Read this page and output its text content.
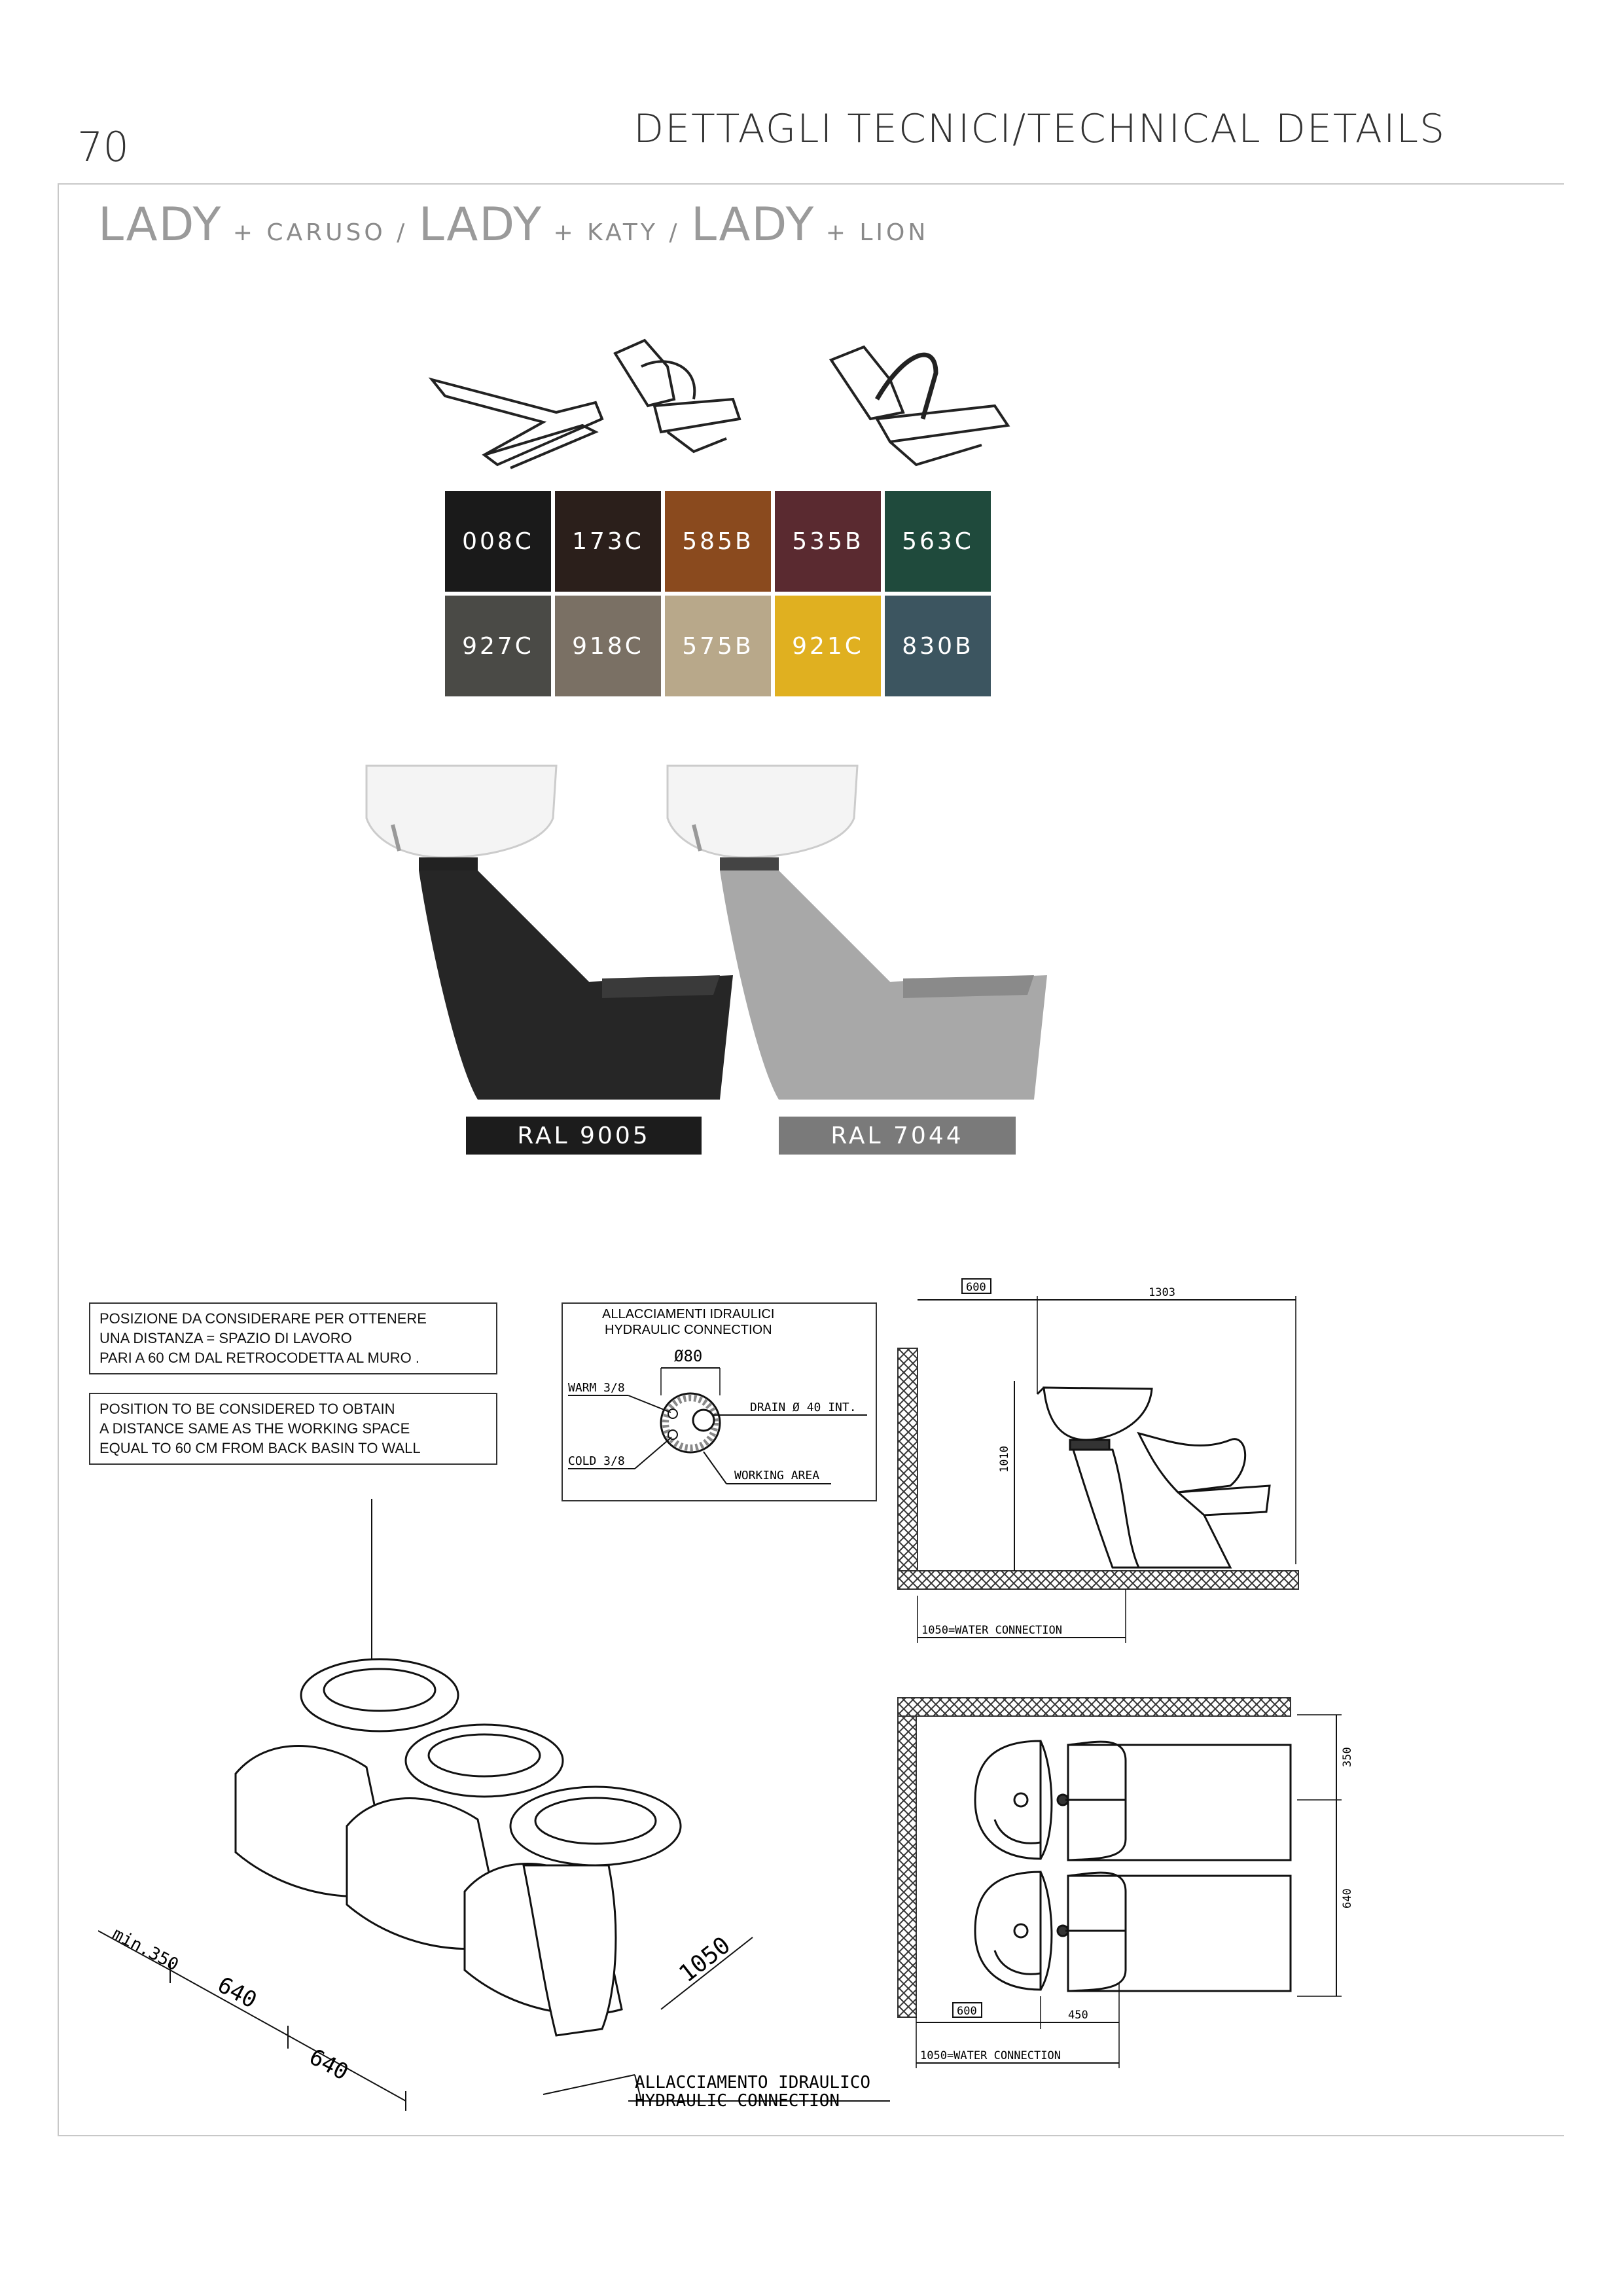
70	DETTAGLI TECNICI/TECHNICAL DETAILS
LADY + CARUSO / LADY + KATY / LADY + LION
008C 173C 585B 535B 563C
927C 918C 575B 921C 830B
RAL 9005	RAL 7044
POSIZIONE DA CONSIDERARE PER OTTENERE
UNA DISTANZA = SPAZIO DI LAVORO
PARI A 60 CM DAL RETROCODETTA AL MURO .
POSITION TO BE CONSIDERED TO OBTAIN
A DISTANCE SAME AS THE WORKING SPACE
EQUAL TO 60 CM FROM BACK BASIN TO WALL
ALLACCIAMENTI IDRAULICI
HYDRAULIC CONNECTION
Ø80
WARM 3/8
COLD 3/8
DRAIN Ø 40 INT.
WORKING AREA
600	1303
1010
1050=WATER CONNECTION
350
640
600	450
1050=WATER CONNECTION
min.350
640
640
1050
ALLACCIAMENTO IDRAULICO
HYDRAULIC CONNECTION
